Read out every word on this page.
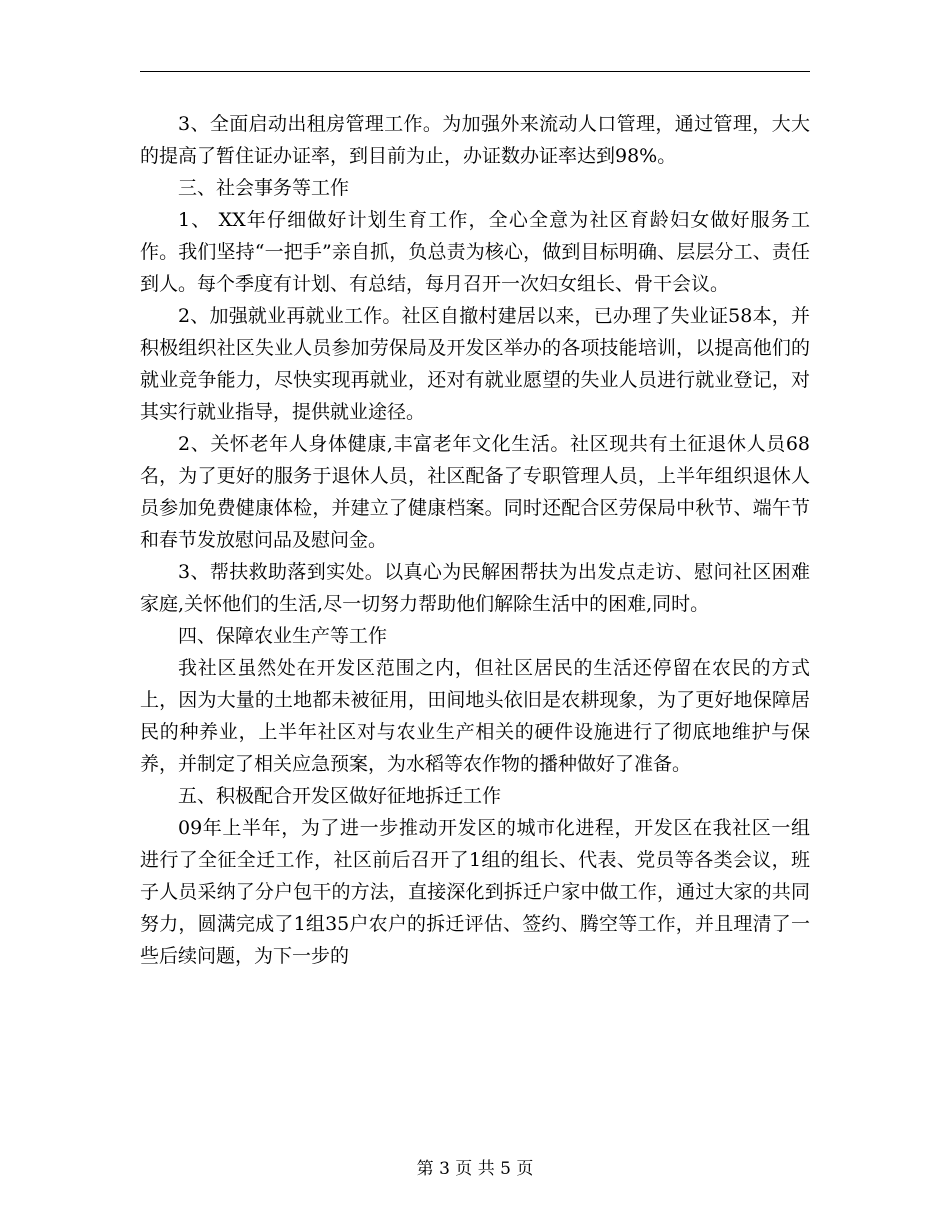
3、全面启动出租房管理工作。为加强外来流动人口管理，通过管理，大大的提高了暂住证办证率，到目前为止，办证数办证率达到98%。

三、社会事务等工作

1、 XX年仔细做好计划生育工作，全心全意为社区育龄妇女做好服务工作。我们坚持“一把手”亲自抓，负总责为核心，做到目标明确、层层分工、责任到人。每个季度有计划、有总结，每月召开一次妇女组长、骨干会议。

2、加强就业再就业工作。社区自撤村建居以来，已办理了失业证58本，并积极组织社区失业人员参加劳保局及开发区举办的各项技能培训，以提高他们的就业竞争能力，尽快实现再就业，还对有就业愿望的失业人员进行就业登记，对其实行就业指导，提供就业途径。

2、关怀老年人身体健康,丰富老年文化生活。社区现共有土征退休人员68名，为了更好的服务于退休人员，社区配备了专职管理人员，上半年组织退休人员参加免费健康体检，并建立了健康档案。同时还配合区劳保局中秋节、端午节和春节发放慰问品及慰问金。

3、帮扶救助落到实处。以真心为民解困帮扶为出发点走访、慰问社区困难家庭,关怀他们的生活,尽一切努力帮助他们解除生活中的困难,同时。

四、保障农业生产等工作

我社区虽然处在开发区范围之内，但社区居民的生活还停留在农民的方式上，因为大量的土地都未被征用，田间地头依旧是农耕现象，为了更好地保障居民的种养业，上半年社区对与农业生产相关的硬件设施进行了彻底地维护与保养，并制定了相关应急预案，为水稻等农作物的播种做好了准备。

五、积极配合开发区做好征地拆迁工作

09年上半年，为了进一步推动开发区的城市化进程，开发区在我社区一组进行了全征全迁工作，社区前后召开了1组的组长、代表、党员等各类会议，班子人员采纳了分户包干的方法，直接深化到拆迁户家中做工作，通过大家的共同努力，圆满完成了1组35户农户的拆迁评估、签约、腾空等工作，并且理清了一些后续问题，为下一步的

第 3 页 共 5 页
